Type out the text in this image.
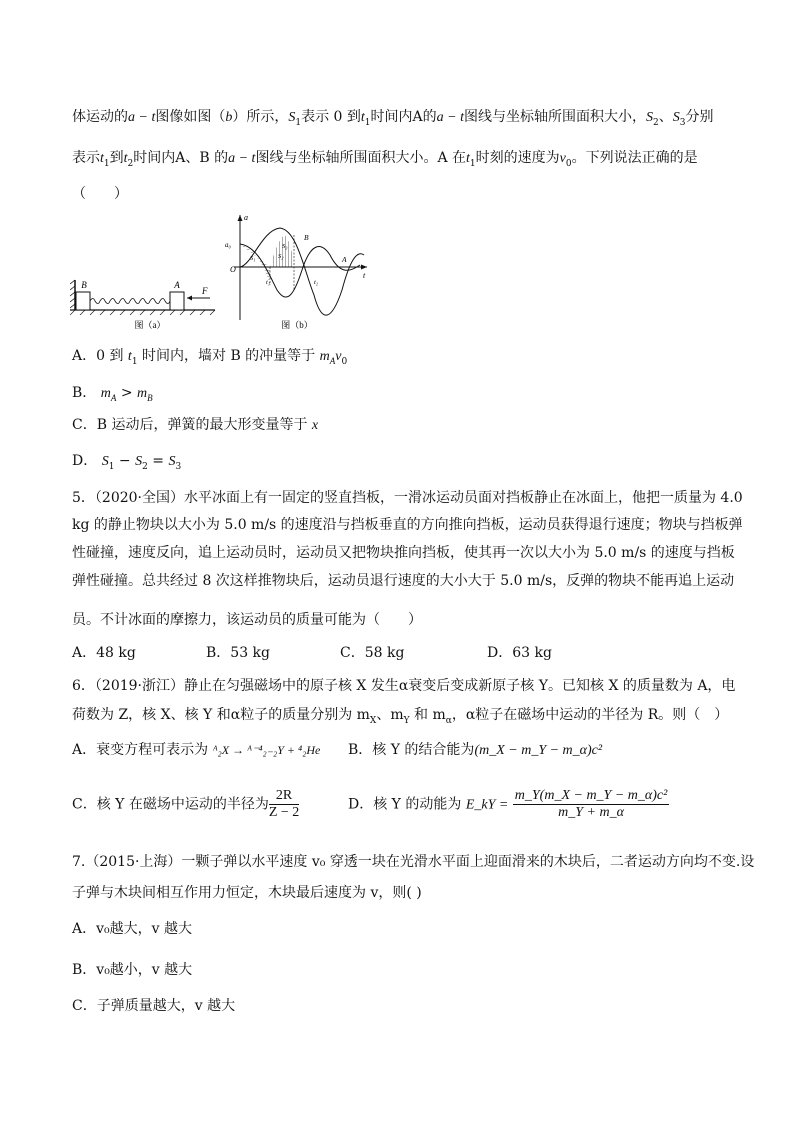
体运动的a − t图像如图（b）所示，$S_1$表示 0 到$t_1$时间内A的a − t图线与坐标轴所围面积大小，$S_2$、$S_3$分别
表示$t_1$到$t_2$时间内A、B 的a − t图线与坐标轴所围面积大小。A 在$t_1$时刻的速度为$v_0$。下列说法正确的是
（　　）
B	A
F
图（a）
a
t
O
a₀
B
A
S₁	S₂
S₃
t₁	t₂
图（b）
A．0 到 $t_1$ 时间内，墙对 B 的冲量等于 $m_Av_0$
B． $m_A > m_B$
C．B 运动后，弹簧的最大形变量等于 x
D． $S_1 - S_2 = S_3$
5．（2020·全国）水平冰面上有一固定的竖直挡板，一滑冰运动员面对挡板静止在冰面上，他把一质量为 4.0
kg 的静止物块以大小为 5.0 m/s 的速度沿与挡板垂直的方向推向挡板，运动员获得退行速度；物块与挡板弹
性碰撞，速度反向，追上运动员时，运动员又把物块推向挡板，使其再一次以大小为 5.0 m/s 的速度与挡板
弹性碰撞。总共经过 8 次这样推物块后，运动员退行速度的大小大于 5.0 m/s，反弹的物块不能再追上运动
员。不计冰面的摩擦力，该运动员的质量可能为（　　）
A．48 kg	B．53 kg	C．58 kg	D．63 kg
6．（2019·浙江）静止在匀强磁场中的原子核 X 发生α衰变后变成新原子核 Y。已知核 X 的质量数为 A，电
荷数为 Z，核 X、核 Y 和α粒子的质量分别为 $m_X$、$m_Y$ 和 $m_\alpha$，α粒子在磁场中运动的半径为 R。则（　）
A．衰变方程可表示为 ᴬ₂X → ᴬ⁻⁴₂₋₂Y + ⁴₂He B．核 Y 的结合能为(m_X − m_Y − m_α)c²
C．核 Y 在磁场中运动的半径为 $\frac{2R}{Z - 2}$	D．核 Y 的动能为 E_kY = $\frac{\text{m\_Y(m\_X − m\_Y − m\_α)c²}}{m\_Y + m\_\alpha}$
7.（2015·上海）一颗子弹以水平速度 v₀ 穿透一块在光滑水平面上迎面滑来的木块后，二者运动方向均不变.设
子弹与木块间相互作用力恒定，木块最后速度为 v，则( )
A．v₀越大，v 越大
B．v₀越小，v 越大
C．子弹质量越大，v 越大
